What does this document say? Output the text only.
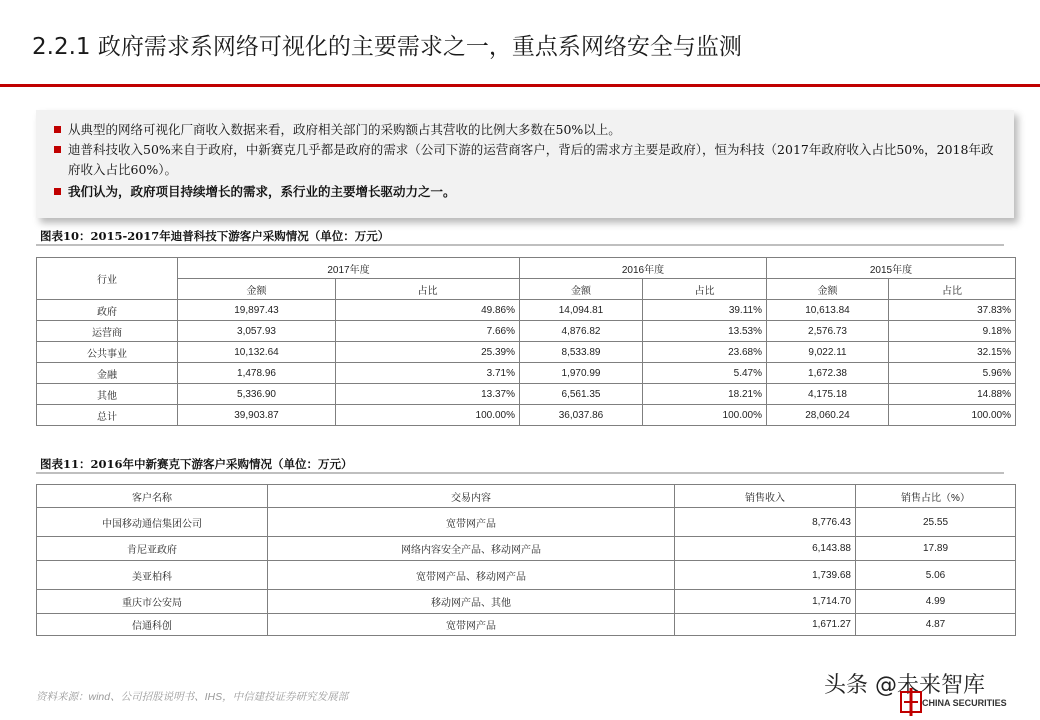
2.2.1 政府需求系网络可视化的主要需求之一，重点系网络安全与监测
从典型的网络可视化厂商收入数据来看，政府相关部门的采购额占其营收的比例大多数在50%以上。
迪普科技收入50%来自于政府，中新赛克几乎都是政府的需求（公司下游的运营商客户，背后的需求方主要是政府），恒为科技（2017年政府收入占比50%，2018年政府收入占比60%）。
我们认为，政府项目持续增长的需求，系行业的主要增长驱动力之一。
图表10：2015-2017年迪普科技下游客户采购情况（单位：万元）
行业	2017年度		2016年度		2015年度	
	金额	占比	金额	占比	金额	占比
政府	19,897.43	49.86%	14,094.81	39.11%	10,613.84	37.83%
运营商	3,057.93	7.66%	4,876.82	13.53%	2,576.73	9.18%
公共事业	10,132.64	25.39%	8,533.89	23.68%	9,022.11	32.15%
金融	1,478.96	3.71%	1,970.99	5.47%	1,672.38	5.96%
其他	5,336.90	13.37%	6,561.35	18.21%	4,175.18	14.88%
总计	39,903.87	100.00%	36,037.86	100.00%	28,060.24	100.00%
图表11：2016年中新赛克下游客户采购情况（单位：万元）
客户名称	交易内容	销售收入	销售占比（%）
中国移动通信集团公司	宽带网产品	8,776.43	25.55
肯尼亚政府	网络内容安全产品、移动网产品	6,143.88	17.89
美亚柏科	宽带网产品、移动网产品	1,739.68	5.06
重庆市公安局	移动网产品、其他	1,714.70	4.99
信通科创	宽带网产品	1,671.27	4.87
资料来源：wind、公司招股说明书、IHS，中信建投证券研究发展部	头条 @未来智库
CHINA SECURITIES
